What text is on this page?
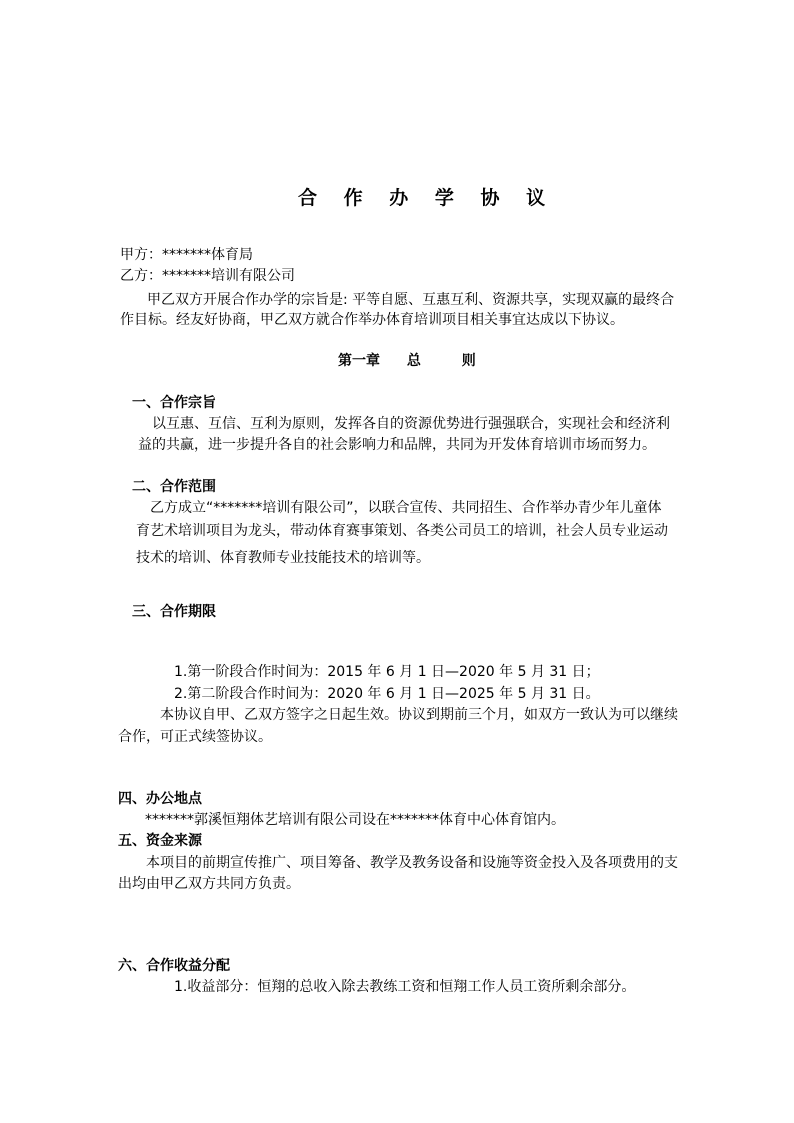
合 作 办 学 协 议
甲方：*******体育局
乙方：*******培训有限公司
甲乙双方开展合作办学的宗旨是: 平等自愿、互惠互利、资源共享，实现双赢的最终合
作目标。经友好协商，甲乙双方就合作举办体育培训项目相关事宜达成以下协议。
第一章 总	则
一、合作宗旨
以互惠、互信、互利为原则，发挥各自的资源优势进行强强联合，实现社会和经济利
益的共赢，进一步提升各自的社会影响力和品牌，共同为开发体育培训市场而努力。
二、合作范围
乙方成立“*******培训有限公司”，以联合宣传、共同招生、合作举办青少年儿童体
育艺术培训项目为龙头，带动体育赛事策划、各类公司员工的培训，社会人员专业运动
技术的培训、体育教师专业技能技术的培训等。
三、合作期限
1.第一阶段合作时间为：2015 年 6 月 1 日—2020 年 5 月 31 日；
2.第二阶段合作时间为：2020 年 6 月 1 日—2025 年 5 月 31 日。
本协议自甲、乙双方签字之日起生效。协议到期前三个月，如双方一致认为可以继续
合作，可正式续签协议。
四、办公地点
*******郭溪恒翔体艺培训有限公司设在*******体育中心体育馆内。
五、资金来源
本项目的前期宣传推广、项目筹备、教学及教务设备和设施等资金投入及各项费用的支
出均由甲乙双方共同方负责。
六、合作收益分配
1.收益部分：恒翔的总收入除去教练工资和恒翔工作人员工资所剩余部分。
